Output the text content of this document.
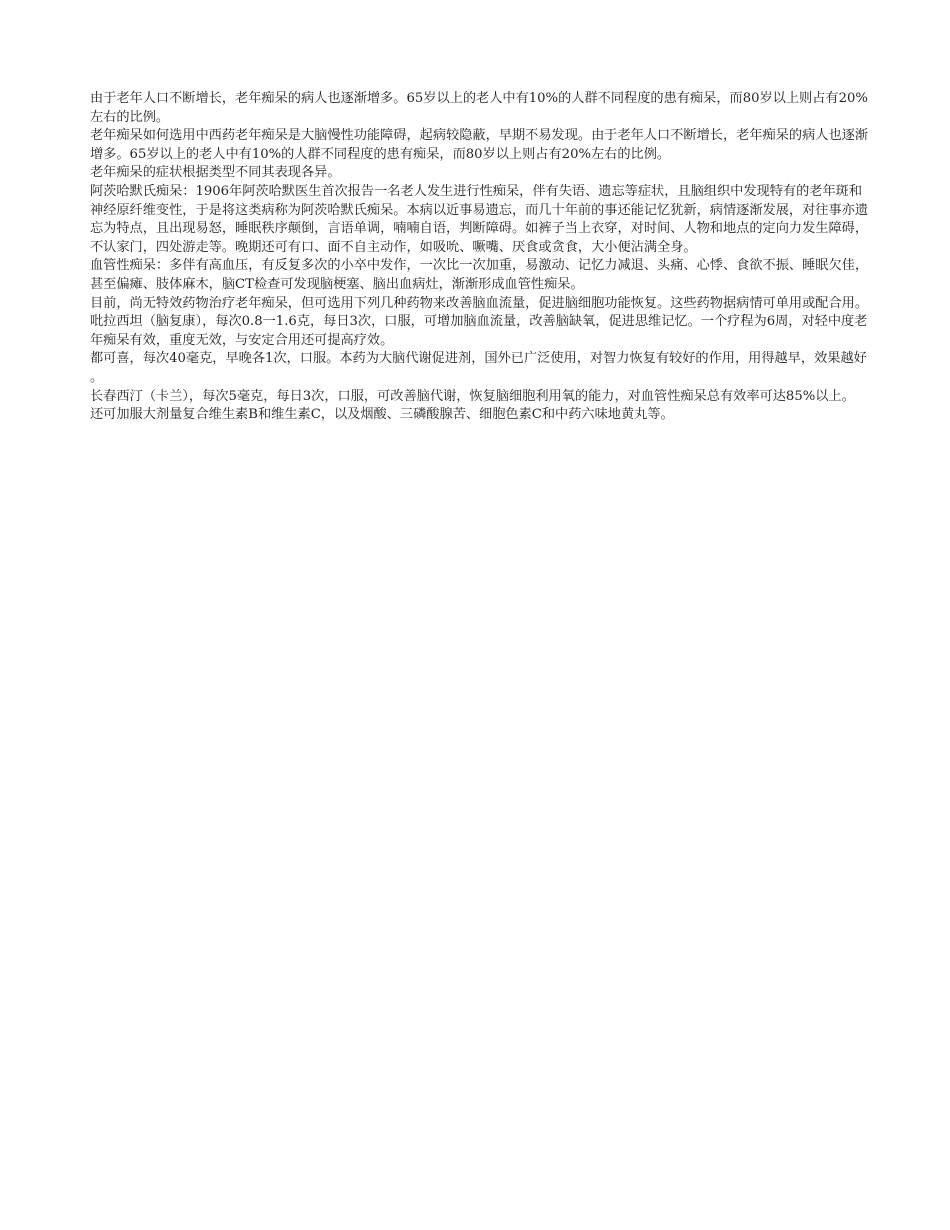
由于老年人口不断增长，老年痴呆的病人也逐渐增多。65岁以上的老人中有10%的人群不同程度的患有痴呆，而80岁以上则占有20%左右的比例。

老年痴呆如何选用中西药老年痴呆是大脑慢性功能障碍，起病较隐蔽，早期不易发现。由于老年人口不断增长，老年痴呆的病人也逐渐增多。65岁以上的老人中有10%的人群不同程度的患有痴呆，而80岁以上则占有20%左右的比例。

老年痴呆的症状根据类型不同其表现各异。

阿茨哈默氏痴呆：1906年阿茨哈默医生首次报告一名老人发生进行性痴呆，伴有失语、遗忘等症状，且脑组织中发现特有的老年斑和神经原纤维变性，于是将这类病称为阿茨哈默氏痴呆。本病以近事易遗忘，而几十年前的事还能记忆犹新，病情逐渐发展，对往事亦遗忘为特点，且出现易怒，睡眠秩序颠倒，言语单调，喃喃自语，判断障碍。如裤子当上衣穿，对时间、人物和地点的定向力发生障碍，不认家门，四处游走等。晚期还可有口、面不自主动作，如吸吮、噘嘴、厌食或贪食，大小便沾满全身。

血管性痴呆：多伴有高血压，有反复多次的小卒中发作，一次比一次加重，易激动、记忆力减退、头痛、心悸、食欲不振、睡眠欠佳，甚至偏瘫、肢体麻木，脑CT检查可发现脑梗塞、脑出血病灶，渐渐形成血管性痴呆。

目前，尚无特效药物治疗老年痴呆，但可选用下列几种药物来改善脑血流量，促进脑细胞功能恢复。这些药物据病情可单用或配合用。

吡拉西坦（脑复康），每次0.8一1.6克，每日3次，口服，可增加脑血流量，改善脑缺氧，促进思维记忆。一个疗程为6周，对轻中度老年痴呆有效，重度无效，与安定合用还可提高疗效。

都可喜，每次40毫克，早晚各1次，口服。本药为大脑代谢促进剂，国外已广泛使用，对智力恢复有较好的作用，用得越早，效果越好。

长春西汀（卡兰），每次5毫克，每日3次，口服，可改善脑代谢，恢复脑细胞利用氧的能力，对血管性痴呆总有效率可达85%以上。

还可加服大剂量复合维生素B和维生素C，以及烟酸、三磷酸腺苦、细胞色素C和中药六味地黄丸等。
